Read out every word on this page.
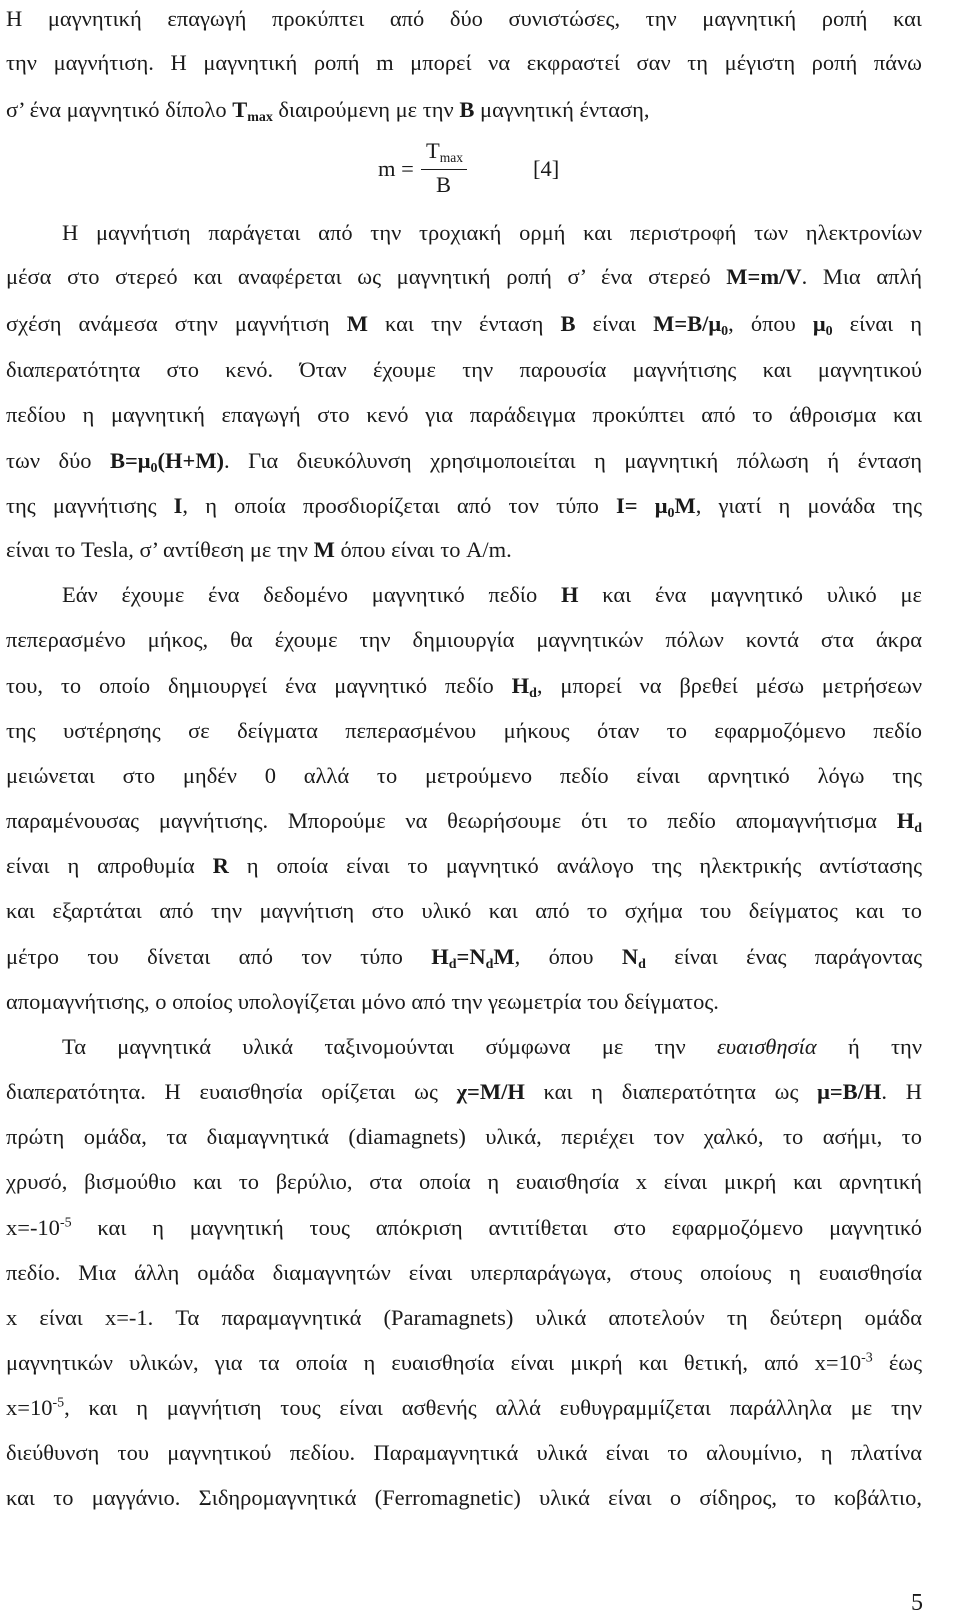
Η μαγνητική επαγωγή προκύπτει από δύο συνιστώσες, την μαγνητική ροπή και
την μαγνήτιση. Η μαγνητική ροπή m μπορεί να εκφραστεί σαν τη μέγιστη ροπή πάνω
σ’ ένα μαγνητικό δίπολο $T_{max}$ διαιρούμενη με την B μαγνητική ένταση,
m =
$T_{max}$
B
[4]
Η μαγνήτιση παράγεται από την τροχιακή ορμή και περιστροφή των ηλεκτρονίων
μέσα στο στερεό και αναφέρεται ως μαγνητική ροπή σ’ ένα στερεό M=m/V. Μια απλή
σχέση ανάμεσα στην μαγνήτιση M και την ένταση B είναι $M=B/\mu_0$, όπου $\mu_0$ είναι η
διαπερατότητα στο κενό. Όταν έχουμε την παρουσία μαγνήτισης και μαγνητικού
πεδίου η μαγνητική επαγωγή στο κενό για παράδειγμα προκύπτει από το άθροισμα και
των δύο $B=\mu_0(H+M)$. Για διευκόλυνση χρησιμοποιείται η μαγνητική πόλωση ή ένταση
της μαγνήτισης I, η οποία προσδιορίζεται από τον τύπο $I= \mu_0M$, γιατί η μονάδα της
είναι το Tesla, σ’ αντίθεση με την M όπου είναι το A/m.
Εάν έχουμε ένα δεδομένο μαγνητικό πεδίο H και ένα μαγνητικό υλικό με
πεπερασμένο μήκος, θα έχουμε την δημιουργία μαγνητικών πόλων κοντά στα άκρα
του, το οποίο δημιουργεί ένα μαγνητικό πεδίο $H_d$, μπορεί να βρεθεί μέσω μετρήσεων
της υστέρησης σε δείγματα πεπερασμένου μήκους όταν το εφαρμοζόμενο πεδίο
μειώνεται στο μηδέν 0 αλλά το μετρούμενο πεδίο είναι αρνητικό λόγω της
παραμένουσας μαγνήτισης. Μπορούμε να θεωρήσουμε ότι το πεδίο απομαγνήτισμα $H_d$
είναι η απροθυμία R η οποία είναι το μαγνητικό ανάλογο της ηλεκτρικής αντίστασης
και εξαρτάται από την μαγνήτιση στο υλικό και από το σχήμα του δείγματος και το
μέτρο του δίνεται από τον τύπο $H_d=N_dM$, όπου $N_d$ είναι ένας παράγοντας
απομαγνήτισης, ο οποίος υπολογίζεται μόνο από την γεωμετρία του δείγματος.
Τα μαγνητικά υλικά ταξινομούνται σύμφωνα με την ευαισθησία ή την
διαπερατότητα. Η ευαισθησία ορίζεται ως χ=M/H και η διαπερατότητα ως μ=B/H. Η
πρώτη ομάδα, τα διαμαγνητικά (diamagnets) υλικά, περιέχει τον χαλκό, το ασήμι, το
χρυσό, βισμούθιο και το βερύλιο, στα οποία η ευαισθησία x είναι μικρή και αρνητική
$x=-10^{-5}$ και η μαγνητική τους απόκριση αντιτίθεται στο εφαρμοζόμενο μαγνητικό
πεδίο. Μια άλλη ομάδα διαμαγνητών είναι υπερπαράγωγα, στους οποίους η ευαισθησία
x είναι x=-1. Τα παραμαγνητικά (Paramagnets) υλικά αποτελούν τη δεύτερη ομάδα
μαγνητικών υλικών, για τα οποία η ευαισθησία είναι μικρή και θετική, από $x=10^{-3}$ έως
$x=10^{-5}$, και η μαγνήτιση τους είναι ασθενής αλλά ευθυγραμμίζεται παράλληλα με την
διεύθυνση του μαγνητικού πεδίου. Παραμαγνητικά υλικά είναι το αλουμίνιο, η πλατίνα
και το μαγγάνιο. Σιδηρομαγνητικά (Ferromagnetic) υλικά είναι ο σίδηρος, το κοβάλτιο,
5
